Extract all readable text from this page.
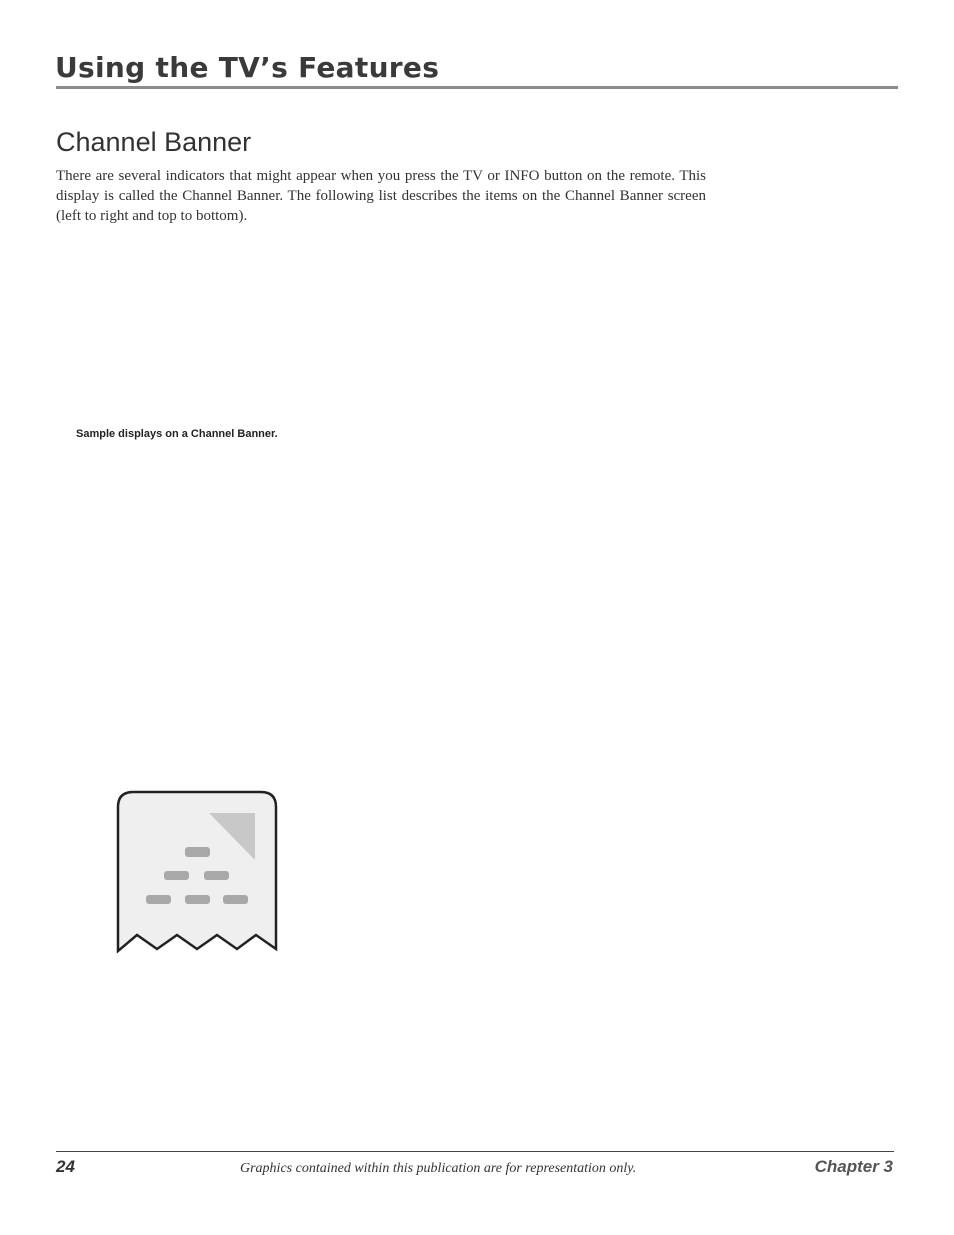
Using the TV’s Features
Channel Banner

There are several indicators that might appear when you press the TV or INFO button on the remote. This display is called the Channel Banner. The following list describes the items on the Channel Banner screen (left to right and top to bottom).

Sample displays on a Channel Banner.
24	Graphics contained within this publication are for representation only.	Chapter 3
